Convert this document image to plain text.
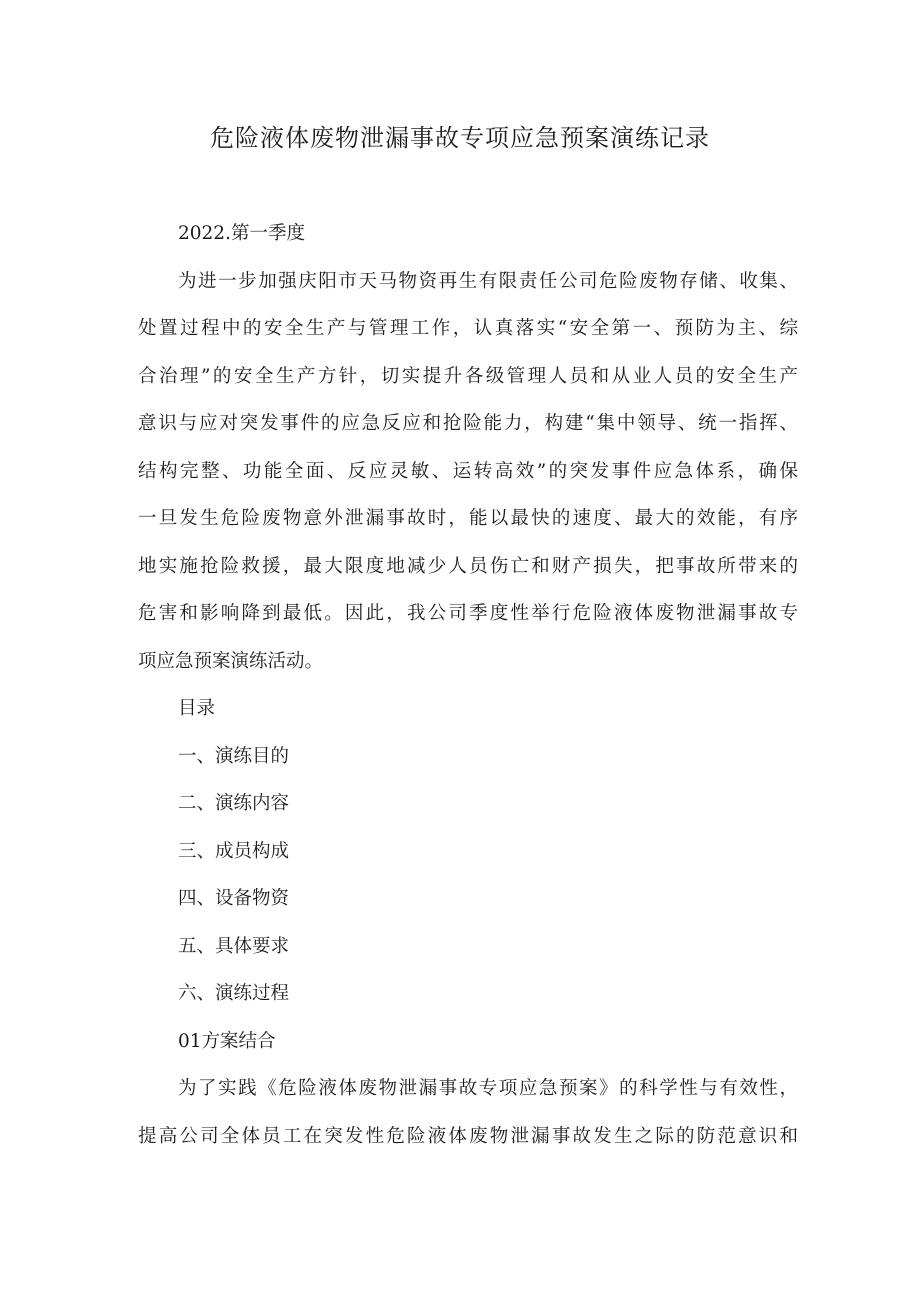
危险液体废物泄漏事故专项应急预案演练记录

2022.第一季度

为进一步加强庆阳市天马物资再生有限责任公司危险废物存储、收集、

处置过程中的安全生产与管理工作，认真落实“安全第一、预防为主、综

合治理”的安全生产方针，切实提升各级管理人员和从业人员的安全生产

意识与应对突发事件的应急反应和抢险能力，构建“集中领导、统一指挥、

结构完整、功能全面、反应灵敏、运转高效”的突发事件应急体系，确保

一旦发生危险废物意外泄漏事故时，能以最快的速度、最大的效能，有序

地实施抢险救援，最大限度地减少人员伤亡和财产损失，把事故所带来的

危害和影响降到最低。因此，我公司季度性举行危险液体废物泄漏事故专

项应急预案演练活动。

目录

一、演练目的

二、演练内容

三、成员构成

四、设备物资

五、具体要求

六、演练过程

01方案结合

为了实践《危险液体废物泄漏事故专项应急预案》的科学性与有效性，

提高公司全体员工在突发性危险液体废物泄漏事故发生之际的防范意识和
